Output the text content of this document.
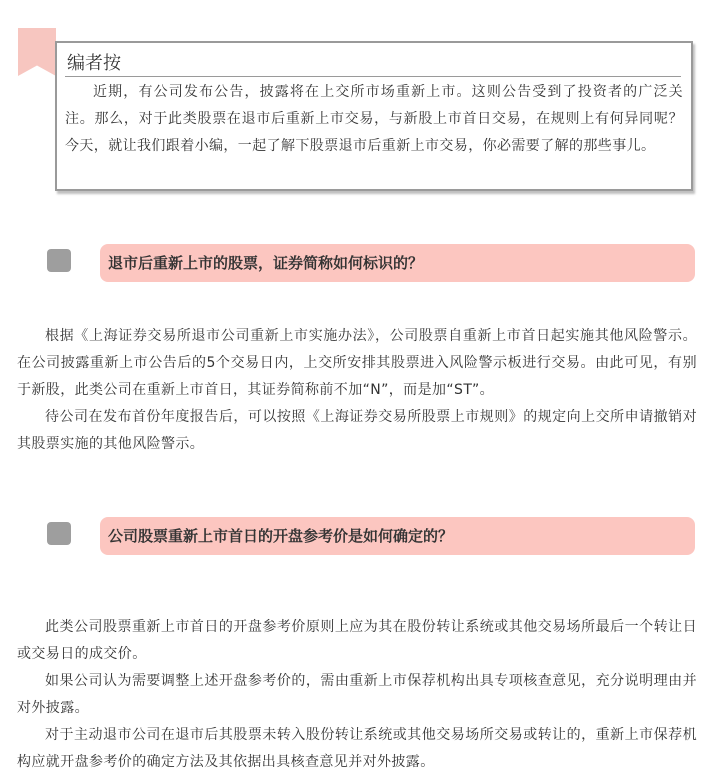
编者按
近期，有公司发布公告，披露将在上交所市场重新上市。这则公告受到了投资者的广泛关注。那么，对于此类股票在退市后重新上市交易，与新股上市首日交易，在规则上有何异同呢？今天，就让我们跟着小编，一起了解下股票退市后重新上市交易，你必需要了解的那些事儿。
退市后重新上市的股票，证券简称如何标识的？

根据《上海证券交易所退市公司重新上市实施办法》，公司股票自重新上市首日起实施其他风险警示。在公司披露重新上市公告后的5个交易日内，上交所安排其股票进入风险警示板进行交易。由此可见，有别于新股，此类公司在重新上市首日，其证券简称前不加“N”，而是加“ST”。

待公司在发布首份年度报告后，可以按照《上海证券交易所股票上市规则》的规定向上交所申请撤销对其股票实施的其他风险警示。

公司股票重新上市首日的开盘参考价是如何确定的？

此类公司股票重新上市首日的开盘参考价原则上应为其在股份转让系统或其他交易场所最后一个转让日或交易日的成交价。

如果公司认为需要调整上述开盘参考价的，需由重新上市保荐机构出具专项核查意见，充分说明理由并对外披露。

对于主动退市公司在退市后其股票未转入股份转让系统或其他交易场所交易或转让的，重新上市保荐机构应就开盘参考价的确定方法及其依据出具核查意见并对外披露。
